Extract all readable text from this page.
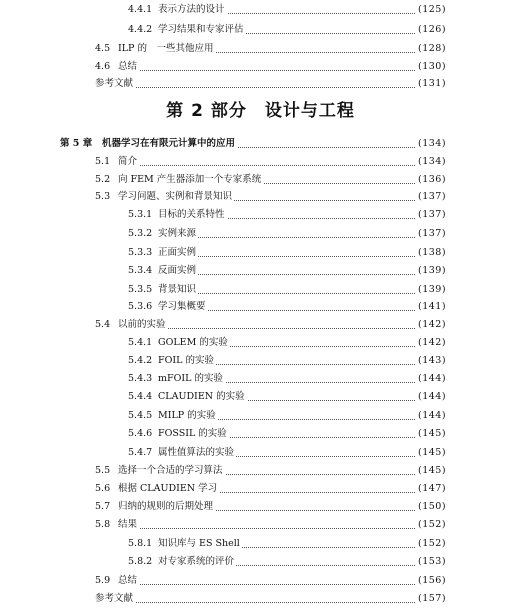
第 2 部分　设计与工程
4.4.1 表示方法的设计	(125)
4.4.2 学习结果和专家评估	(126)
4.5 ILP 的　一些其他应用	(128)
4.6 总结	(130)
参考文献	(131)
第 5 章 机器学习在有限元计算中的应用	(134)
5.1 简介	(134)
5.2 向 FEM 产生器添加一个专家系统	(136)
5.3 学习问题、实例和背景知识	(137)
5.3.1 目标的关系特性	(137)
5.3.2 实例来源	(137)
5.3.3 正面实例	(138)
5.3.4 反面实例	(139)
5.3.5 背景知识	(139)
5.3.6 学习集概要	(141)
5.4 以前的实验	(142)
5.4.1 GOLEM 的实验	(142)
5.4.2 FOIL 的实验	(143)
5.4.3 mFOIL 的实验	(144)
5.4.4 CLAUDIEN 的实验	(144)
5.4.5 MILP 的实验	(144)
5.4.6 FOSSIL 的实验	(145)
5.4.7 属性值算法的实验	(145)
5.5 选择一个合适的学习算法	(145)
5.6 根据 CLAUDIEN 学习	(147)
5.7 归纳的规则的后期处理	(150)
5.8 结果	(152)
5.8.1 知识库与 ES Shell	(152)
5.8.2 对专家系统的评价	(153)
5.9 总结	(156)
参考文献	(157)
